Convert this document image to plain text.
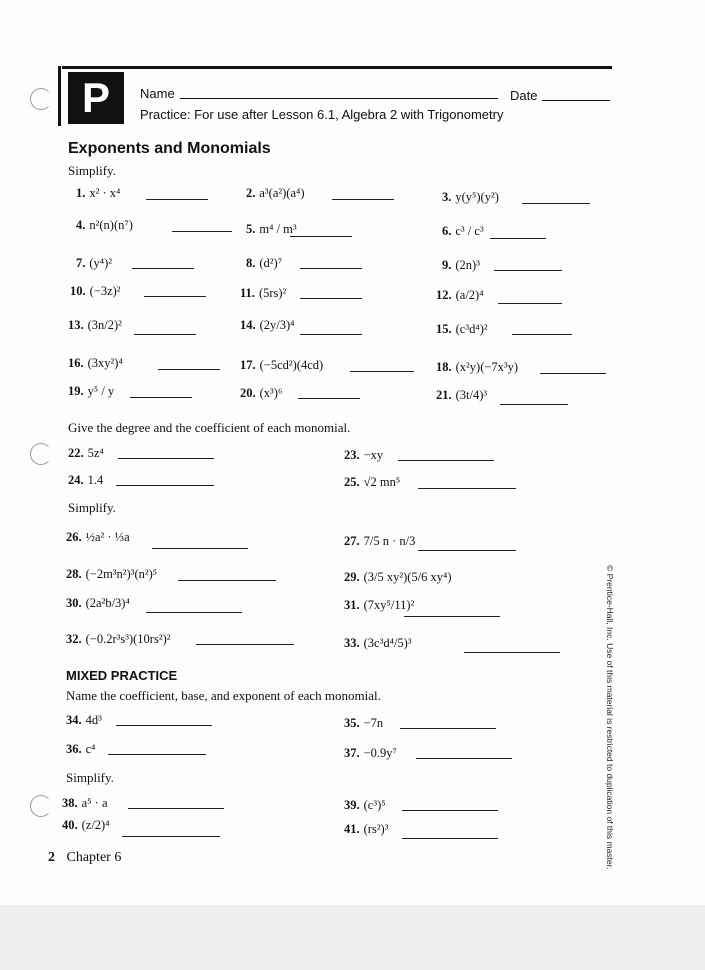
P	Name	Date
Practice: For use after Lesson 6.1, Algebra 2 with Trigonometry
Exponents and Monomials
Simplify.
1. x² · x⁴	2. a³(a²)(a⁴)	3. y(y⁵)(y²)
4. n²(n)(n⁷)	5. m⁴ / m³	6. c³ / c³
7. (y⁴)²	8. (d²)⁷	9. (2n)³
10. (−3z)²	11. (5rs)²	12. (a/2)⁴
13. (3n/2)²	14. (2y/3)⁴	15. (c³d⁴)²
16. (3xy²)⁴	17. (−5cd²)(4cd)	18. (x²y)(−7x³y)
19. y⁵ / y	20. (x³)⁶	21. (3t/4)³
Give the degree and the coefficient of each monomial.
22. 5z⁴	23. −xy
24. 1.4	25. √2 mn⁵
Simplify.
26. ½a² · ⅓a	27. 7/5 n · n/3
28. (−2m³n²)³(n²)⁵	29. (3/5 xy²)(5/6 xy⁴)
30. (2a²b/3)⁴	31. (7xy⁵/11)²
32. (−0.2r³s³)(10rs²)²	33. (3c³d⁴/5)³
MIXED PRACTICE
Name the coefficient, base, and exponent of each monomial.
34. 4d³	35. −7n
36. c⁴	37. −0.9y⁷
Simplify.
38. a⁵ · a	39. (c³)⁵
40. (z/2)⁴	41. (rs²)³
2 Chapter 6	© Prentice-Hall, Inc. Use of this material is restricted to duplication of this master.
